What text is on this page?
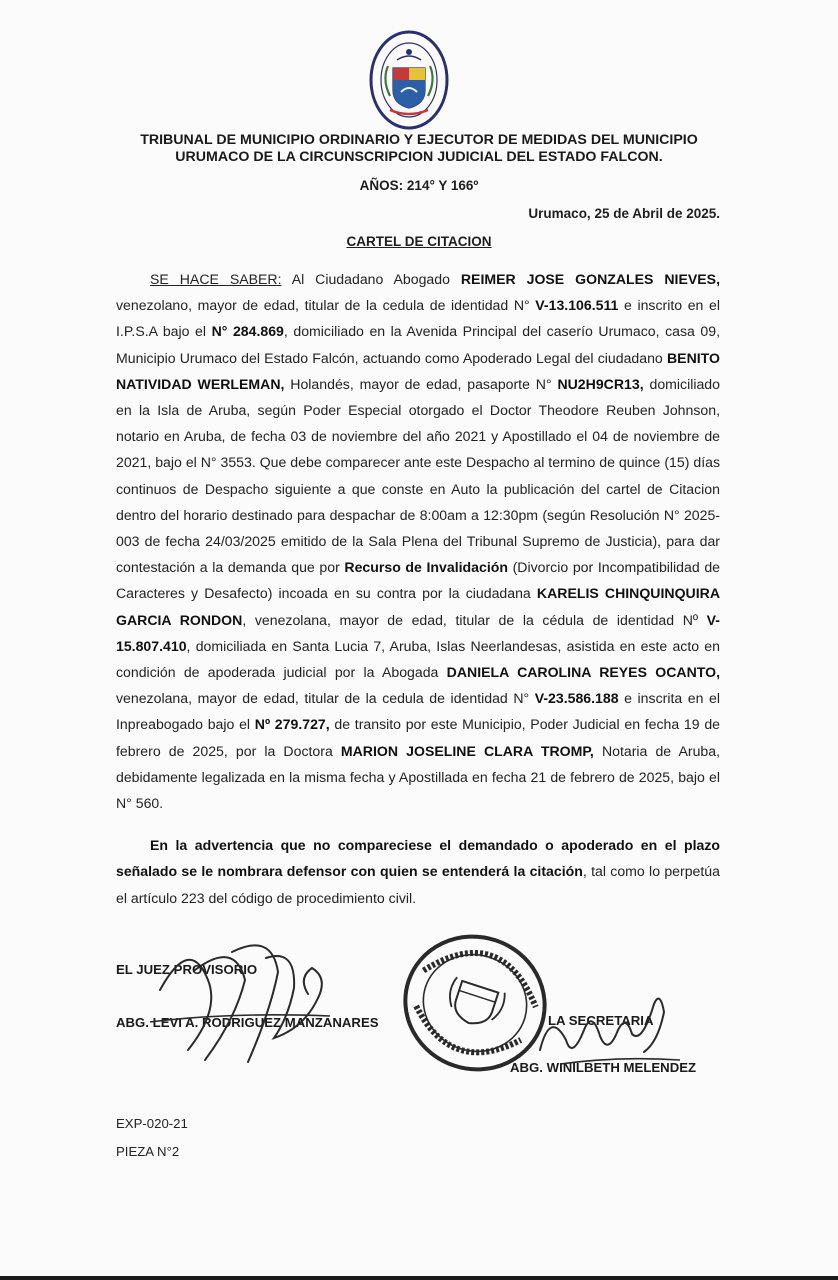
TRIBUNAL DE MUNICIPIO ORDINARIO Y EJECUTOR DE MEDIDAS DEL MUNICIPIO
URUMACO DE LA CIRCUNSCRIPCION JUDICIAL DEL ESTADO FALCON.
AÑOS: 214° Y 166º
Urumaco, 25 de Abril de 2025.
CARTEL DE CITACION

SE HACE SABER: Al Ciudadano Abogado REIMER JOSE GONZALES NIEVES, venezolano, mayor de edad, titular de la cedula de identidad N° V-13.106.511 e inscrito en el I.P.S.A bajo el N° 284.869, domiciliado en la Avenida Principal del caserío Urumaco, casa 09, Municipio Urumaco del Estado Falcón, actuando como Apoderado Legal del ciudadano BENITO NATIVIDAD WERLEMAN, Holandés, mayor de edad, pasaporte N° NU2H9CR13, domiciliado en la Isla de Aruba, según Poder Especial otorgado el Doctor Theodore Reuben Johnson, notario en Aruba, de fecha 03 de noviembre del año 2021 y Apostillado el 04 de noviembre de 2021, bajo el N° 3553. Que debe comparecer ante este Despacho al termino de quince (15) días continuos de Despacho siguiente a que conste en Auto la publicación del cartel de Citacion dentro del horario destinado para despachar de 8:00am a 12:30pm (según Resolución N° 2025-003 de fecha 24/03/2025 emitido de la Sala Plena del Tribunal Supremo de Justicia), para dar contestación a la demanda que por Recurso de Invalidación (Divorcio por Incompatibilidad de Caracteres y Desafecto) incoada en su contra por la ciudadana KARELIS CHINQUINQUIRA GARCIA RONDON, venezolana, mayor de edad, titular de la cédula de identidad Nº V-15.807.410, domiciliada en Santa Lucia 7, Aruba, Islas Neerlandesas, asistida en este acto en condición de apoderada judicial por la Abogada DANIELA CAROLINA REYES OCANTO, venezolana, mayor de edad, titular de la cedula de identidad N° V-23.586.188 e inscrita en el Inpreabogado bajo el Nº 279.727, de transito por este Municipio, Poder Judicial en fecha 19 de febrero de 2025, por la Doctora MARION JOSELINE CLARA TROMP, Notaria de Aruba, debidamente legalizada en la misma fecha y Apostillada en fecha 21 de febrero de 2025, bajo el N° 560.

En la advertencia que no compareciese el demandado o apoderado en el plazo señalado se le nombrara defensor con quien se entenderá la citación, tal como lo perpetúa el artículo 223 del código de procedimiento civil.

EL JUEZ PROVISORIO
ABG. LEVI A. RODRIGUEZ MANZANARES	LA SECRETARIA
ABG. WINILBETH MELENDEZ
EXP-020-21
PIEZA N°2
